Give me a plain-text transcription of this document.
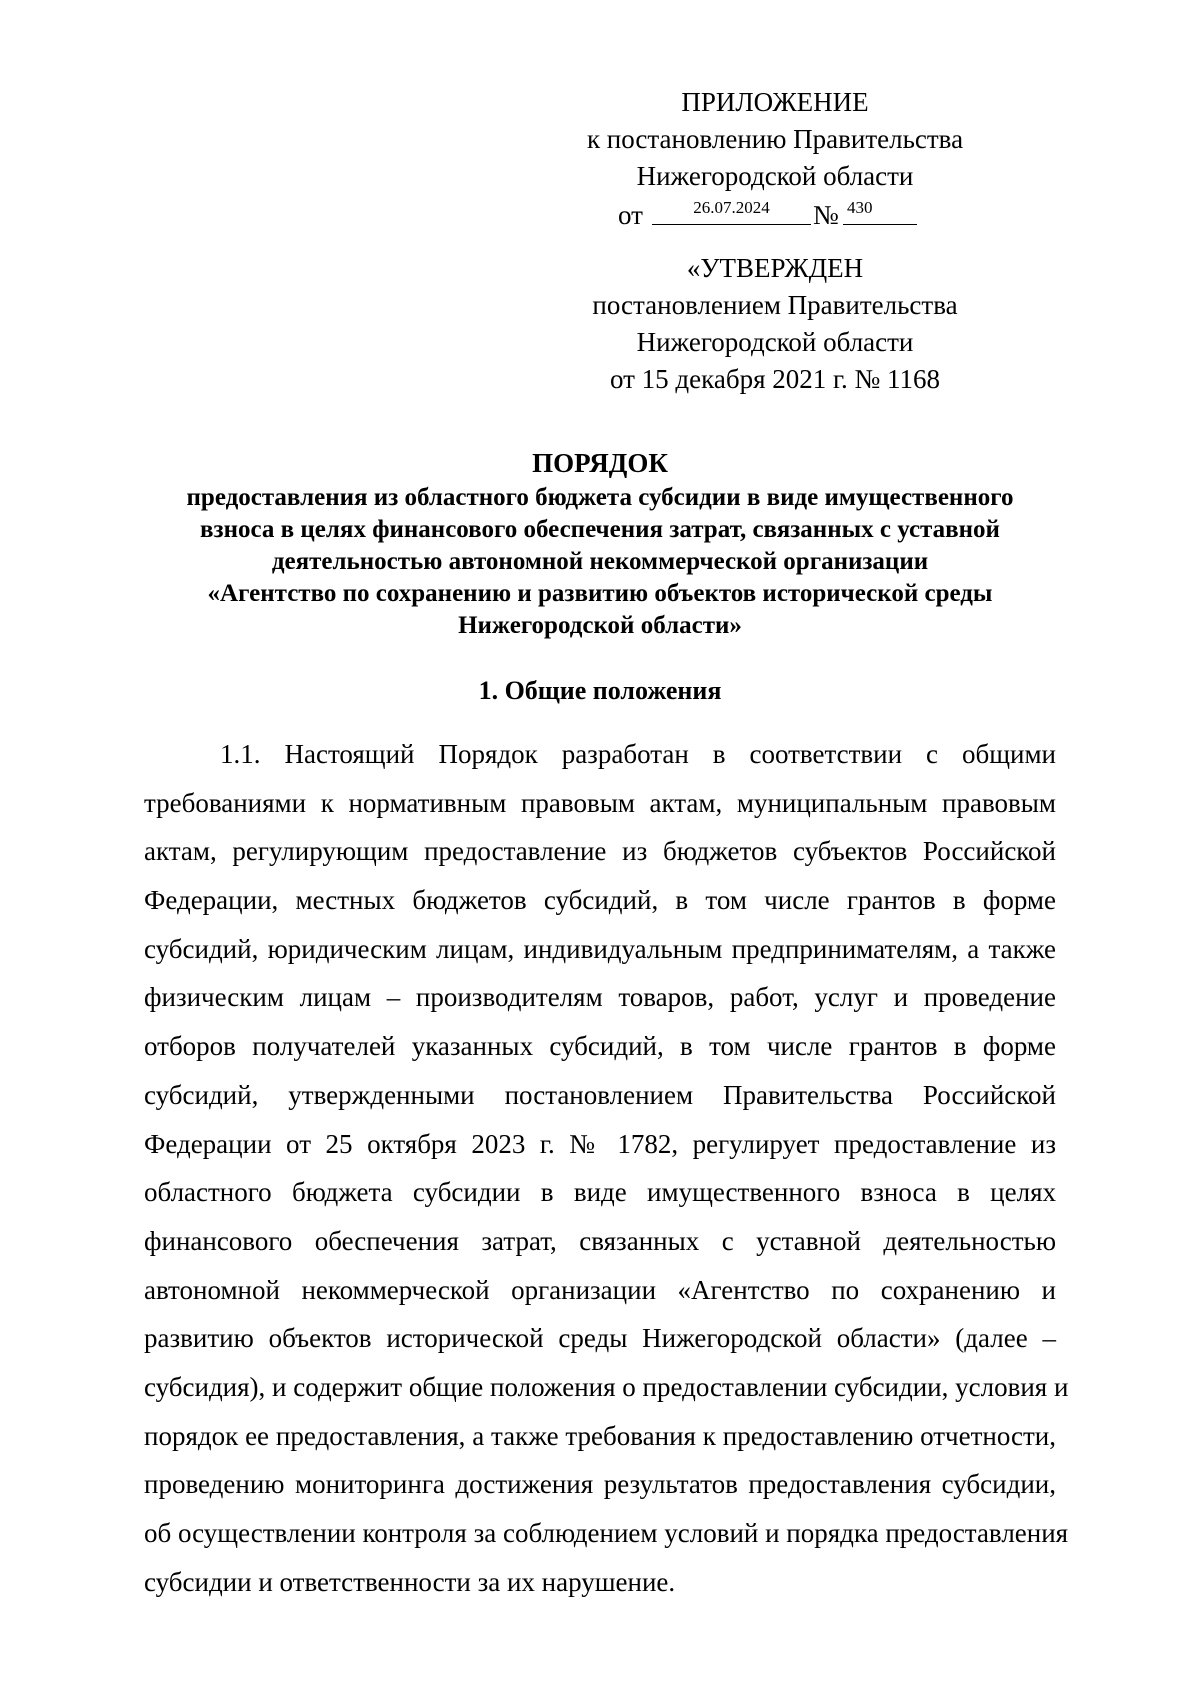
ПРИЛОЖЕНИЕ
к постановлению Правительства
Нижегородской области
от	26.07.2024	№ 430
«УТВЕРЖДЕН
постановлением Правительства
Нижегородской области
от 15 декабря 2021 г. № 1168
ПОРЯДОК
предоставления из областного бюджета субсидии в виде имущественного
взноса в целях финансового обеспечения затрат, связанных с уставной
деятельностью автономной некоммерческой организации
«Агентство по сохранению и развитию объектов исторической среды
Нижегородской области»
1. Общие положения
1.1. Настоящий Порядок разработан в соответствии с общими
требованиями к нормативным правовым актам, муниципальным правовым
актам, регулирующим предоставление из бюджетов субъектов Российской
Федерации, местных бюджетов субсидий, в том числе грантов в форме
субсидий, юридическим лицам, индивидуальным предпринимателям, а также
физическим лицам – производителям товаров, работ, услуг и проведение
отборов получателей указанных субсидий, в том числе грантов в форме
субсидий, утвержденными постановлением Правительства Российской
Федерации от 25 октября 2023 г. № 1782, регулирует предоставление из
областного бюджета субсидии в виде имущественного взноса в целях
финансового обеспечения затрат, связанных с уставной деятельностью
автономной некоммерческой организации «Агентство по сохранению и
развитию объектов исторической среды Нижегородской области» (далее –
субсидия), и содержит общие положения о предоставлении субсидии, условия и
порядок ее предоставления, а также требования к предоставлению отчетности,
проведению мониторинга достижения результатов предоставления субсидии,
об осуществлении контроля за соблюдением условий и порядка предоставления
субсидии и ответственности за их нарушение.
